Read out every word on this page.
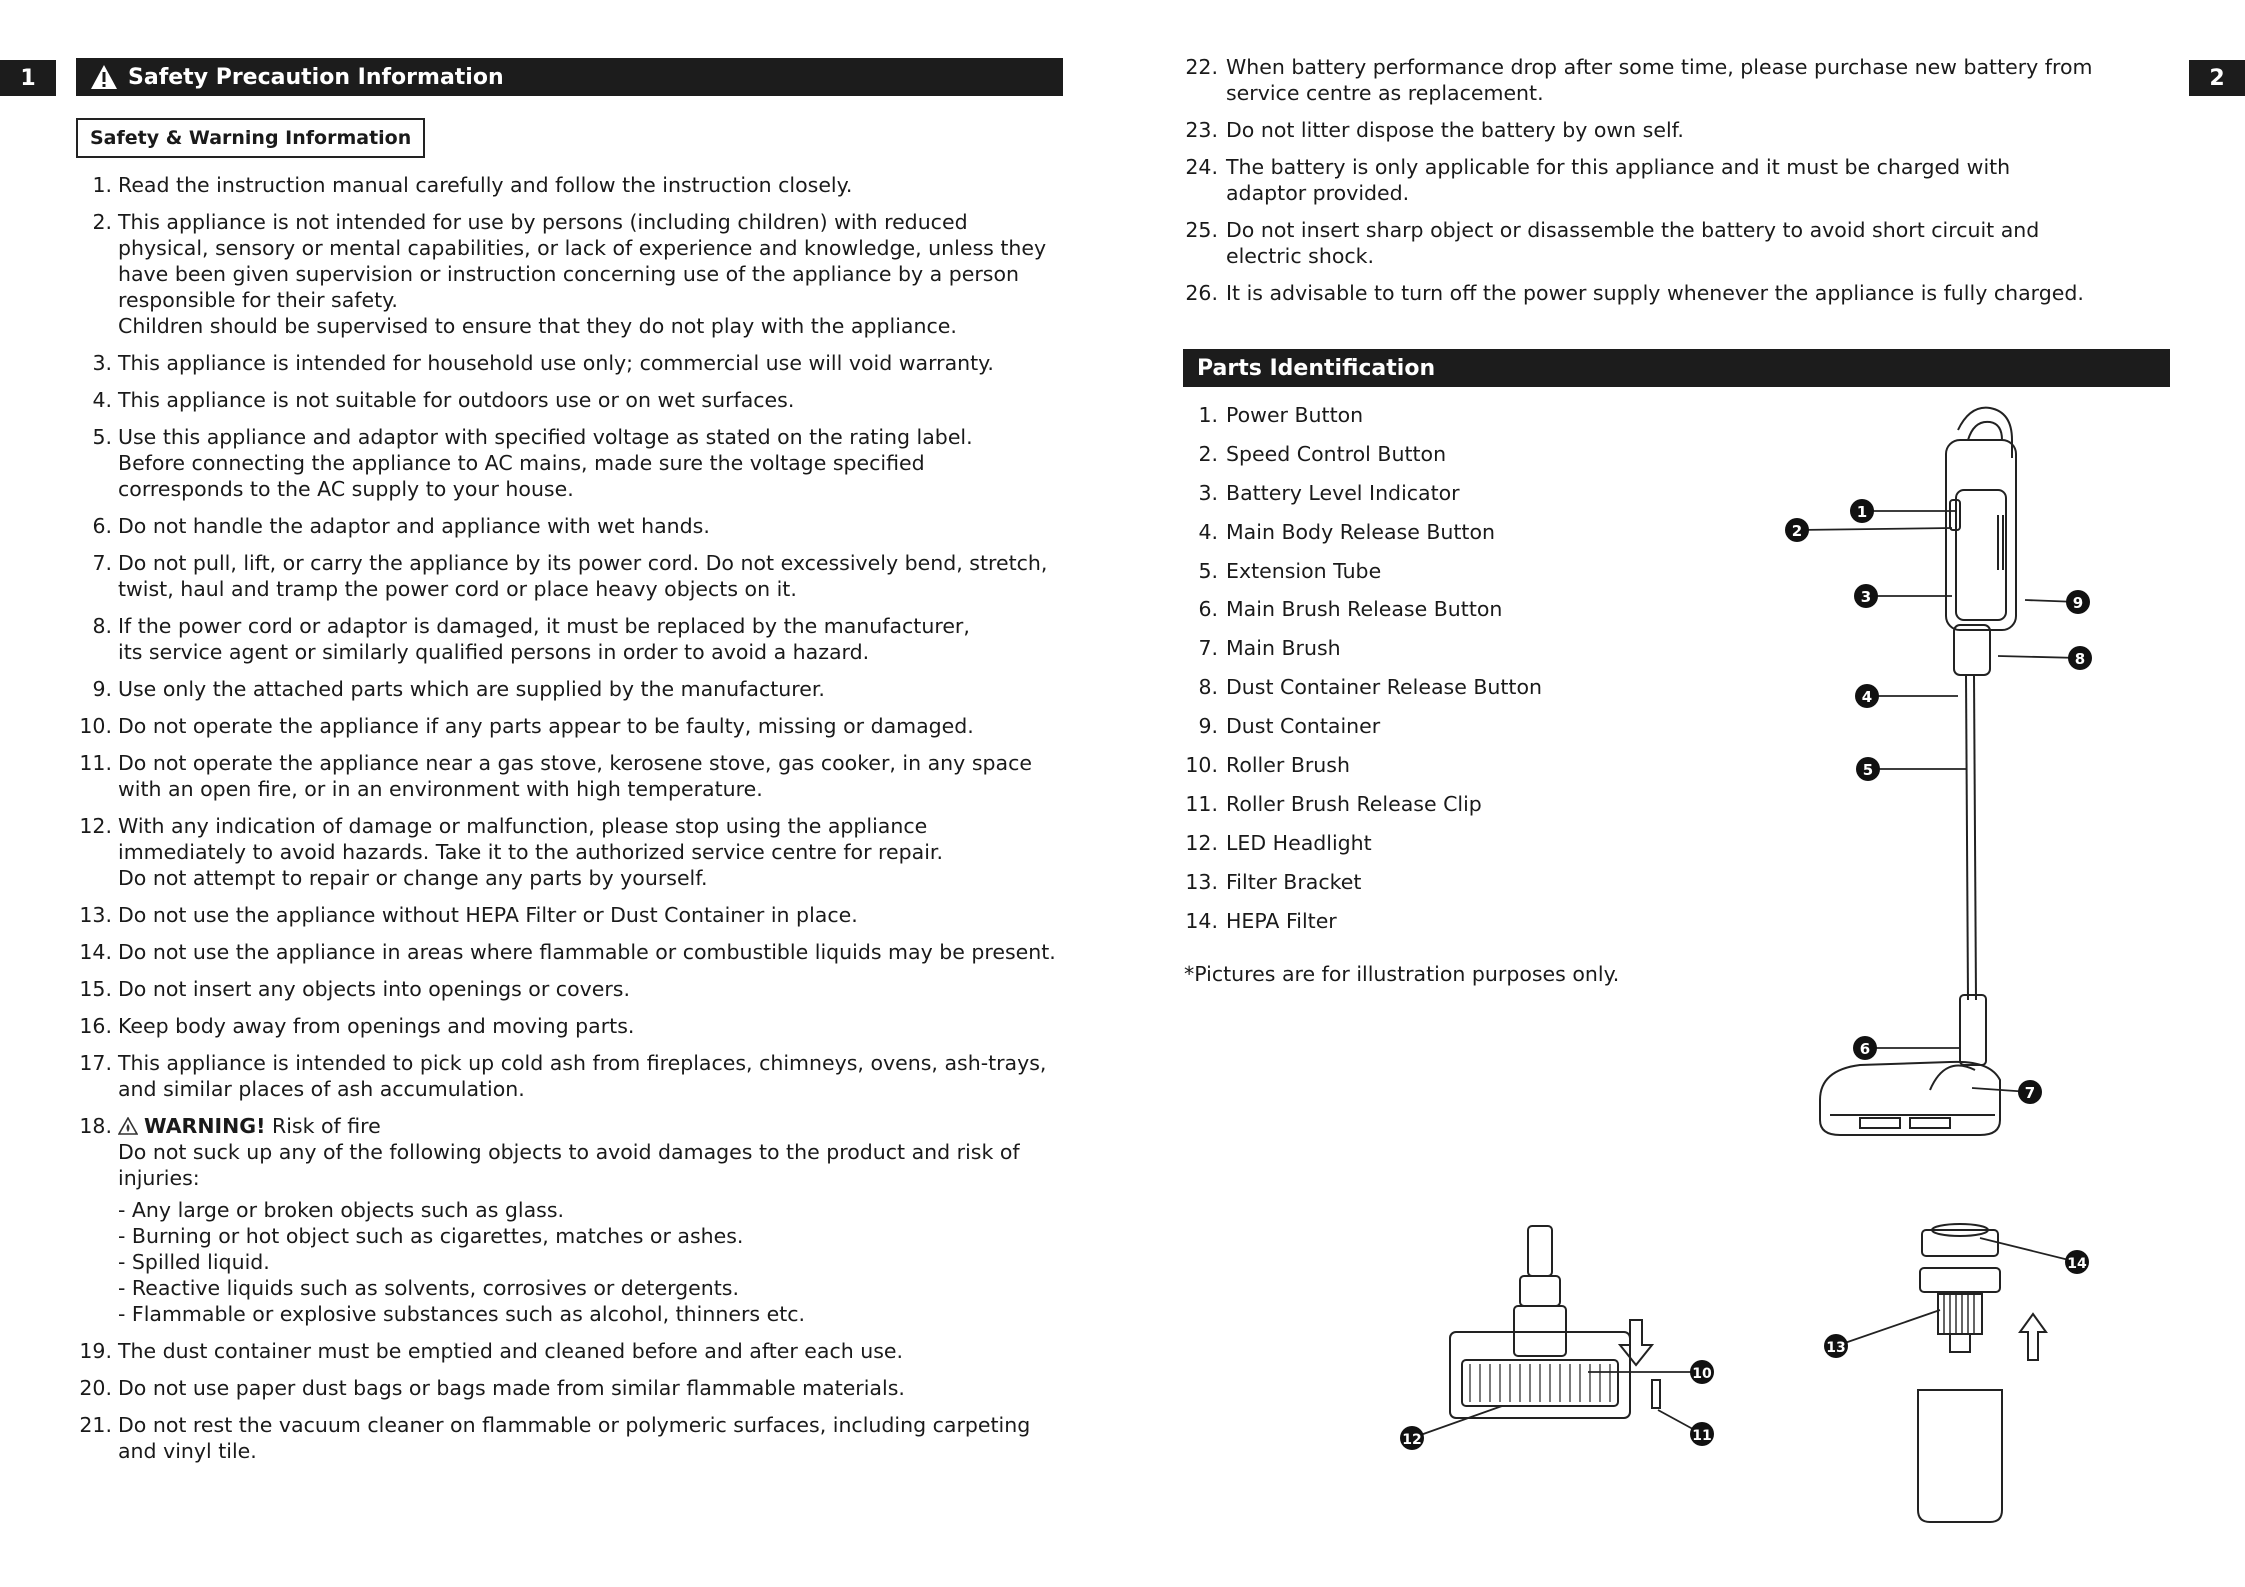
1	Safety Precaution Information
Safety & Warning Information
1. Read the instruction manual carefully and follow the instruction closely.
2. This appliance is not intended for use by persons (including children) with reduced
physical, sensory or mental capabilities, or lack of experience and knowledge, unless they
have been given supervision or instruction concerning use of the appliance by a person
responsible for their safety.
Children should be supervised to ensure that they do not play with the appliance.
3. This appliance is intended for household use only; commercial use will void warranty.
4. This appliance is not suitable for outdoors use or on wet surfaces.
5. Use this appliance and adaptor with specified voltage as stated on the rating label.
Before connecting the appliance to AC mains, made sure the voltage specified
corresponds to the AC supply to your house.
6. Do not handle the adaptor and appliance with wet hands.
7. Do not pull, lift, or carry the appliance by its power cord. Do not excessively bend, stretch,
twist, haul and tramp the power cord or place heavy objects on it.
8. If the power cord or adaptor is damaged, it must be replaced by the manufacturer,
its service agent or similarly qualified persons in order to avoid a hazard.
9. Use only the attached parts which are supplied by the manufacturer.
10. Do not operate the appliance if any parts appear to be faulty, missing or damaged.
11. Do not operate the appliance near a gas stove, kerosene stove, gas cooker, in any space
with an open fire, or in an environment with high temperature.
12. With any indication of damage or malfunction, please stop using the appliance
immediately to avoid hazards. Take it to the authorized service centre for repair.
Do not attempt to repair or change any parts by yourself.
13. Do not use the appliance without HEPA Filter or Dust Container in place.
14. Do not use the appliance in areas where flammable or combustible liquids may be present.
15. Do not insert any objects into openings or covers.
16. Keep body away from openings and moving parts.
17. This appliance is intended to pick up cold ash from fireplaces, chimneys, ovens, ash-trays,
and similar places of ash accumulation.
18.	WARNING! Risk of fire
Do not suck up any of the following objects to avoid damages to the product and risk of
injuries:
- Any large or broken objects such as glass.
- Burning or hot object such as cigarettes, matches or ashes.
- Spilled liquid.
- Reactive liquids such as solvents, corrosives or detergents.
- Flammable or explosive substances such as alcohol, thinners etc.
19. The dust container must be emptied and cleaned before and after each use.
20. Do not use paper dust bags or bags made from similar flammable materials.
21. Do not rest the vacuum cleaner on flammable or polymeric surfaces, including carpeting
and vinyl tile.
2
22. When battery performance drop after some time, please purchase new battery from
service centre as replacement.
23. Do not litter dispose the battery by own self.
24. The battery is only applicable for this appliance and it must be charged with
adaptor provided.
25. Do not insert sharp object or disassemble the battery to avoid short circuit and
electric shock.
26. It is advisable to turn off the power supply whenever the appliance is fully charged.
Parts Identification
1. Power Button
2. Speed Control Button
3. Battery Level Indicator
4. Main Body Release Button
5. Extension Tube
6. Main Brush Release Button
7. Main Brush
8. Dust Container Release Button
9. Dust Container
10. Roller Brush
11. Roller Brush Release Clip
12. LED Headlight
13. Filter Bracket
14. HEPA Filter
*Pictures are for illustration purposes only.
1
2
3
4
5
6
7
8
9
10
11
12
14
13
